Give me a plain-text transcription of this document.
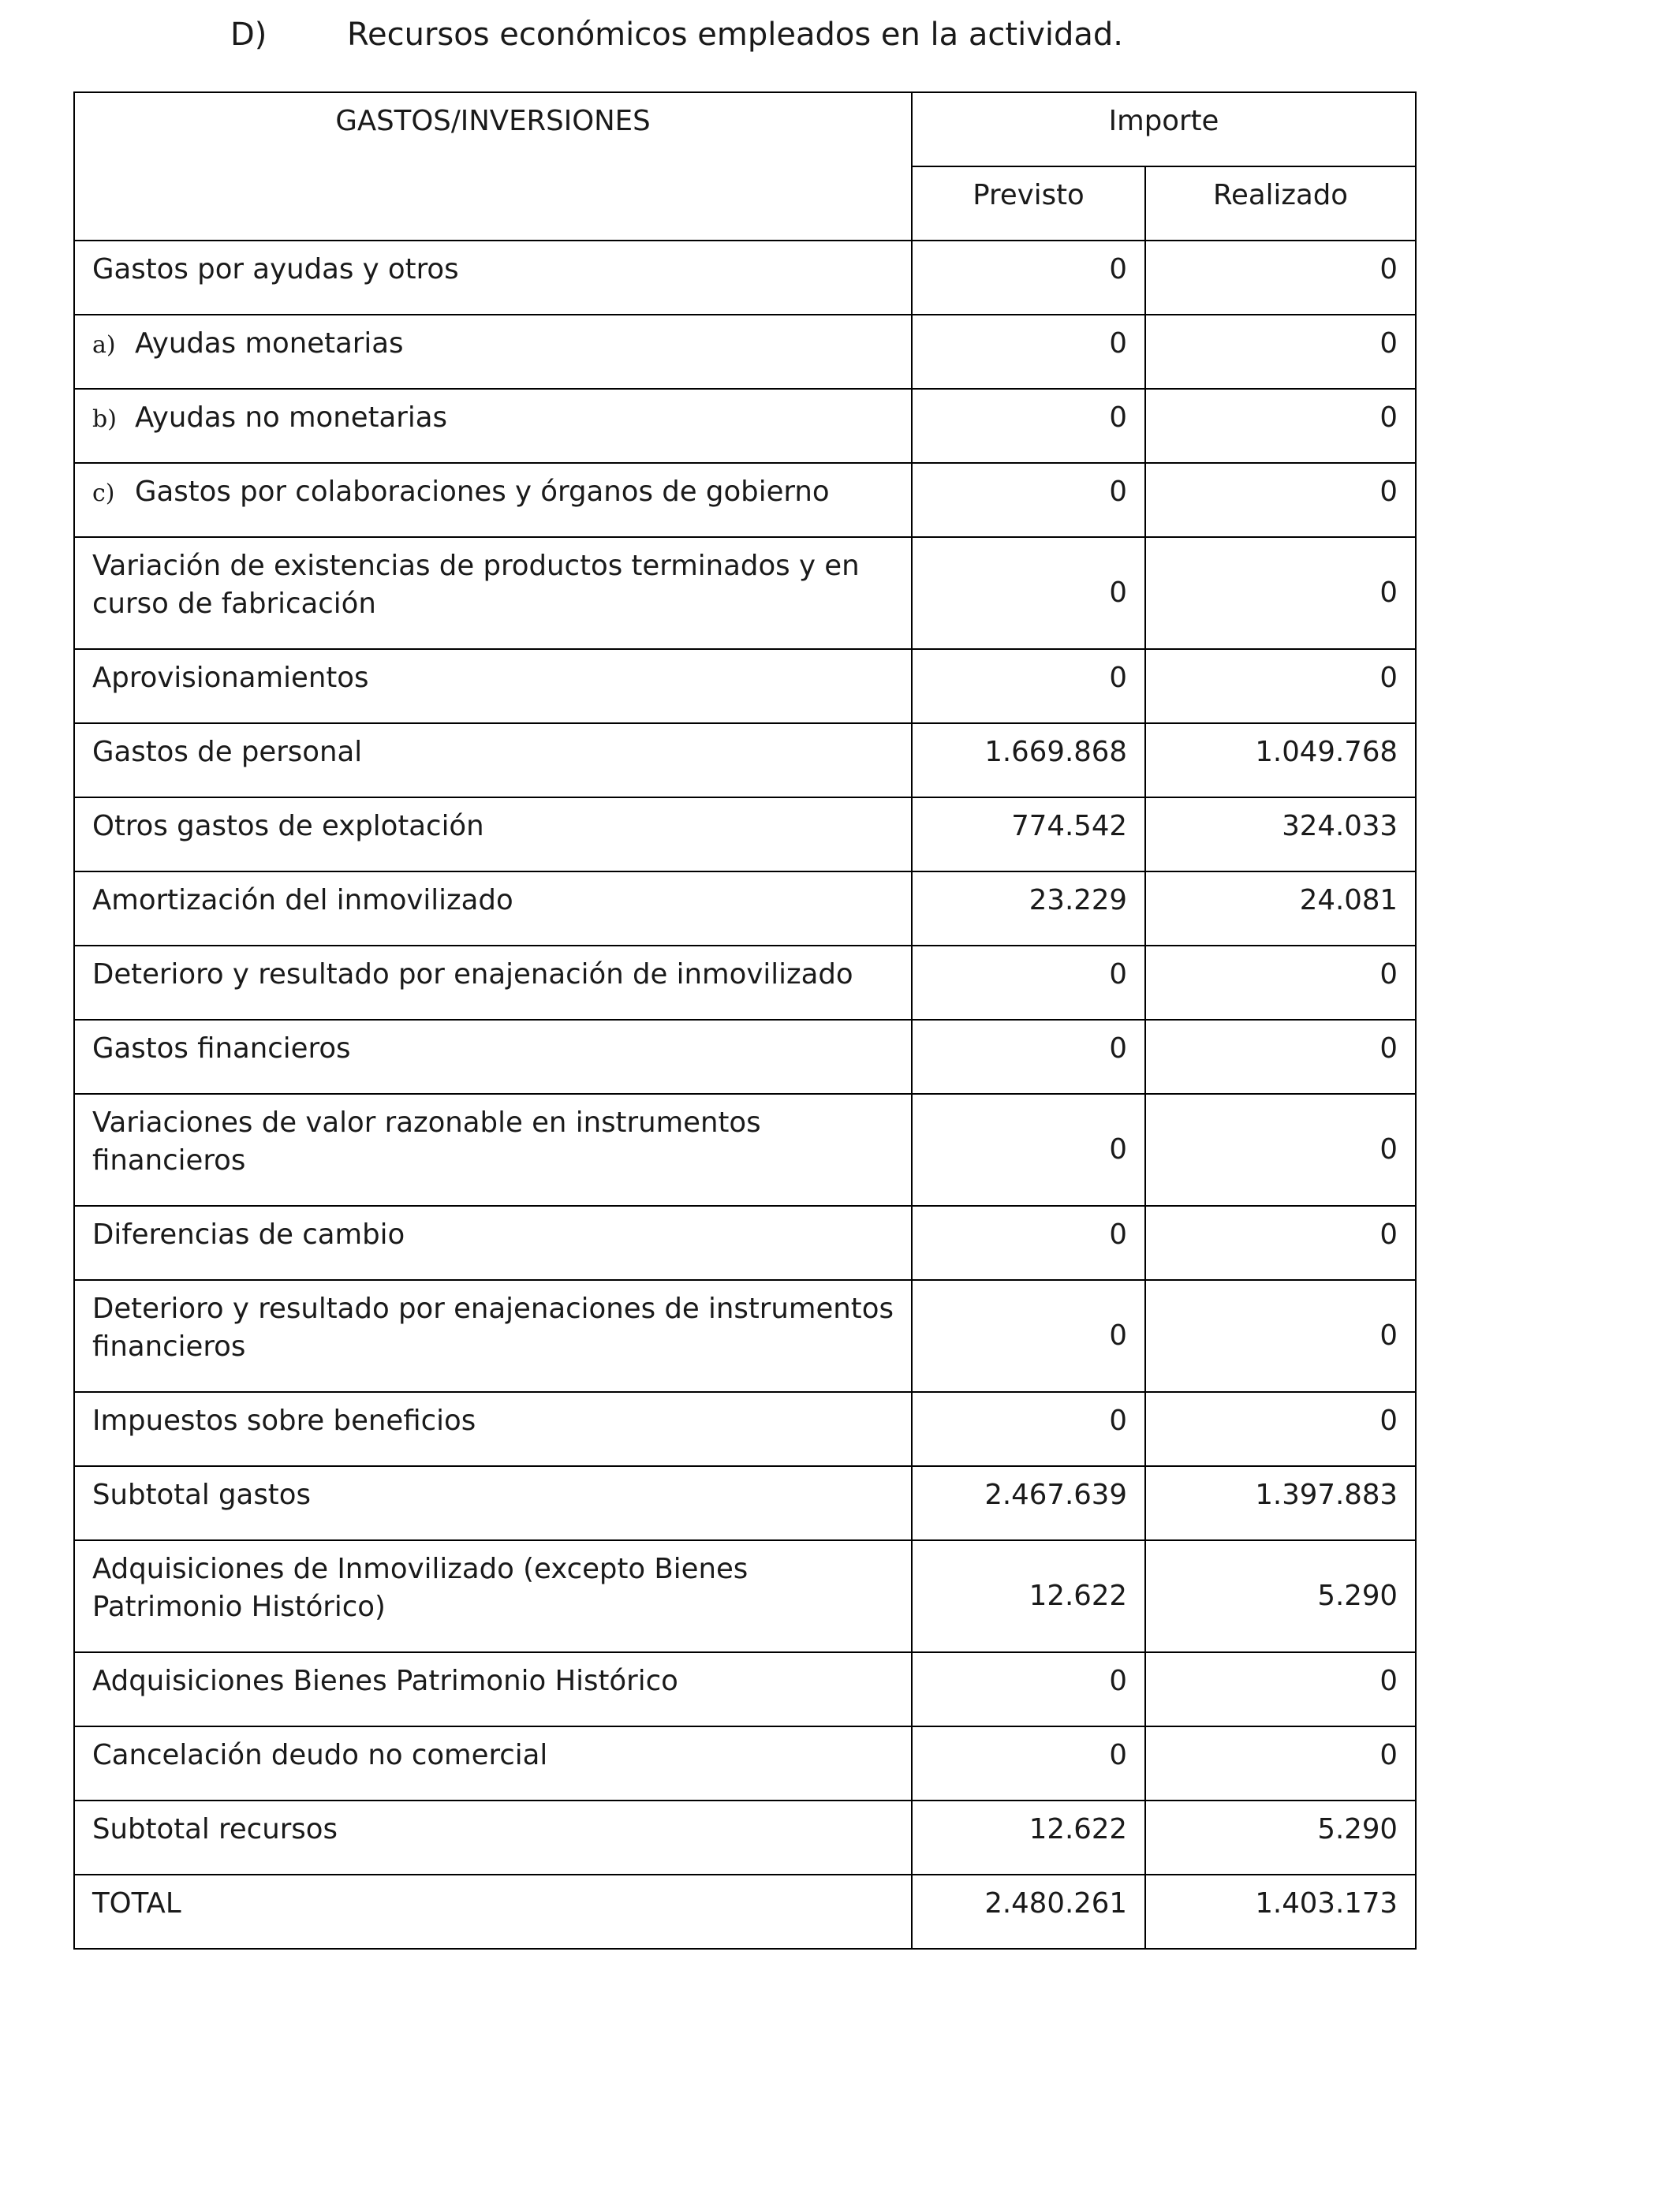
D)	Recursos económicos empleados en la actividad.
GASTOS/INVERSIONES	Importe	
	Previsto	Realizado
Gastos por ayudas y otros	0	0
a) Ayudas monetarias	0	0
b) Ayudas no monetarias	0	0
c) Gastos por colaboraciones y órganos de gobierno	0	0
Variación de existencias de productos terminados y en curso de fabricación	0	0
Aprovisionamientos	0	0
Gastos de personal	1.669.868	1.049.768
Otros gastos de explotación	774.542	324.033
Amortización del inmovilizado	23.229	24.081
Deterioro y resultado por enajenación de inmovilizado	0	0
Gastos financieros	0	0
Variaciones de valor razonable en instrumentos financieros	0	0
Diferencias de cambio	0	0
Deterioro y resultado por enajenaciones de instrumentos financieros	0	0
Impuestos sobre beneficios	0	0
Subtotal gastos	2.467.639	1.397.883
Adquisiciones de Inmovilizado (excepto Bienes Patrimonio Histórico)	12.622	5.290
Adquisiciones Bienes Patrimonio Histórico	0	0
Cancelación deudo no comercial	0	0
Subtotal recursos	12.622	5.290
TOTAL	2.480.261	1.403.173
